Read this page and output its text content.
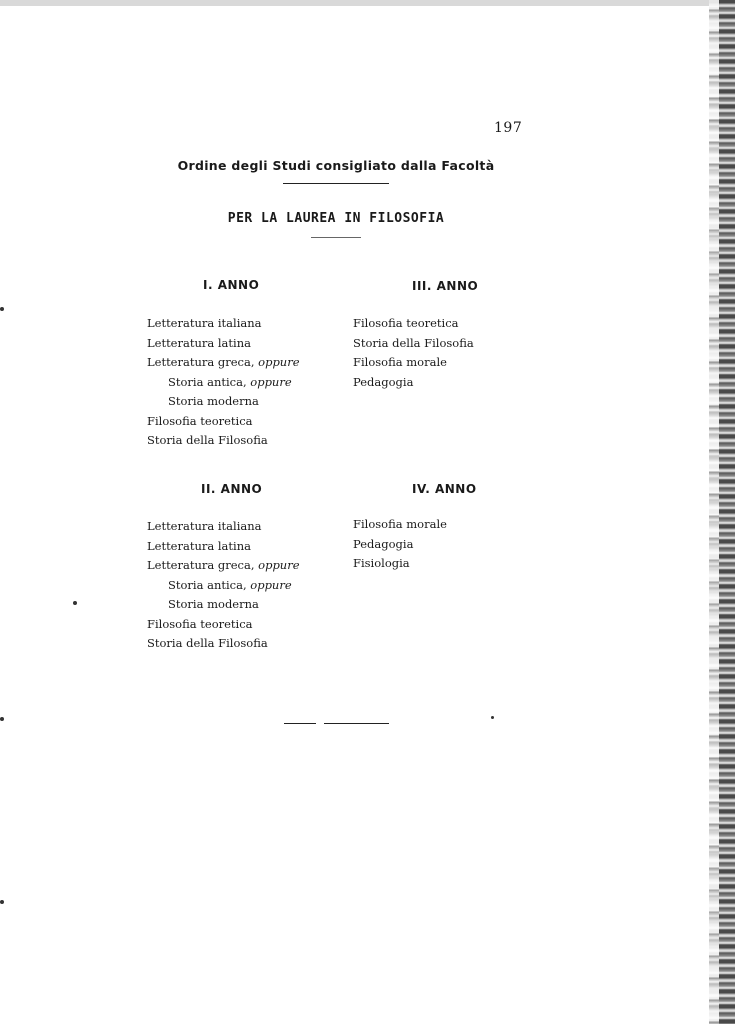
197
Ordine degli Studi consigliato dalla Facoltà
PER LA LAUREA IN FILOSOFIA
I. ANNO
Letteratura italiana
Letteratura latina
Letteratura greca, oppure
Storia antica, oppure
Storia moderna
Filosofia teoretica
Storia della Filosofia
III. ANNO
Filosofia teoretica
Storia della Filosofia
Filosofia morale
Pedagogia
II. ANNO
Letteratura italiana
Letteratura latina
Letteratura greca, oppure
Storia antica, oppure
Storia moderna
Filosofia teoretica
Storia della Filosofia
IV. ANNO
Filosofia morale
Pedagogia
Fisiologia
